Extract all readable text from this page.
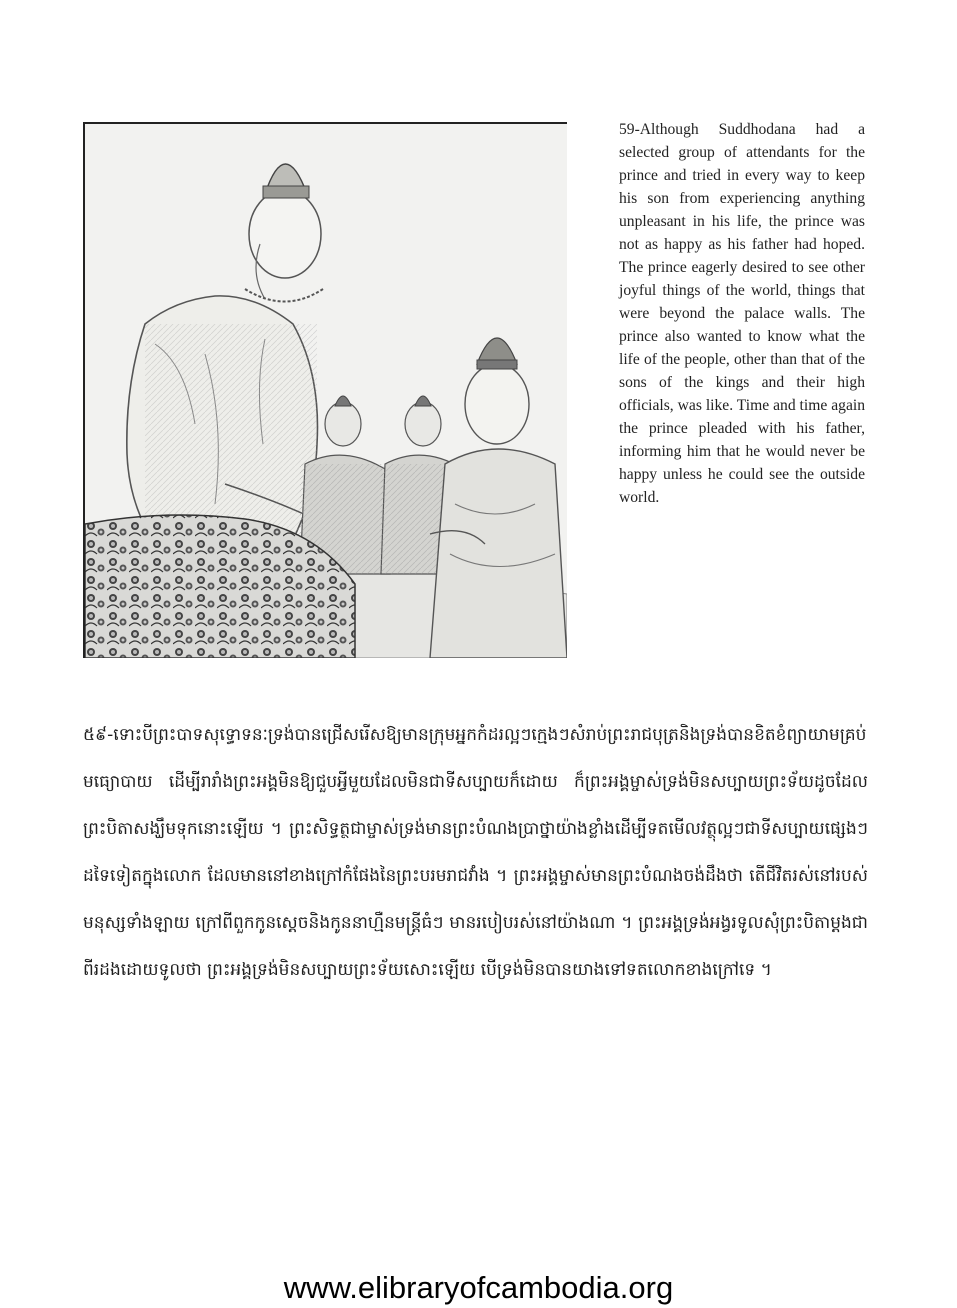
59-Although Suddhodana had a selected group of attendants for the prince and tried in every way to keep his son from experiencing anything unpleasant in his life, the prince was not as happy as his father had hoped. The prince eagerly desired to see other joyful things of the world, things that were beyond the palace walls. The prince also wanted to know what the life of the people, other than that of the sons of the kings and their high officials, was like. Time and time again the prince pleaded with his father, informing him that he would never be happy unless he could see the outside world.

៥៩-ទោះបីព្រះបាទសុទ្ធោទនៈទ្រង់បានជ្រើសរើសឱ្យមានក្រុមអ្នកកំដរល្អៗក្មេងៗសំរាប់ព្រះរាជបុត្រនិងទ្រង់បានខិតខំព្យាយាមគ្រប់មធ្យោបាយ ដើម្បីរារាំងព្រះអង្គមិនឱ្យជួបអ្វីមួយដែលមិនជាទីសប្បាយក៏ដោយ ក៏ព្រះអង្គម្ចាស់ទ្រង់មិនសប្បាយព្រះទ័យដូចដែលព្រះបិតាសង្ឃឹមទុកនោះឡើយ ។ ព្រះសិទ្ធត្ថជាម្ចាស់ទ្រង់មានព្រះបំណងប្រាថ្នាយ៉ាងខ្លាំងដើម្បីទតមើលវត្ថុល្អៗជាទីសប្បាយផ្សេងៗដទៃទៀតក្នុងលោក ដែលមាននៅខាងក្រៅកំផែងនៃព្រះបរមរាជវាំង ។ ព្រះអង្គម្ចាស់មានព្រះបំណងចង់ដឹងថា តើជីវិតរស់នៅរបស់មនុស្សទាំងឡាយ ក្រៅពីពួកកូនស្តេចនិងកូននាហ្មឺនមន្ត្រីធំៗ មានរបៀបរស់នៅយ៉ាងណា ។ ព្រះអង្គទ្រង់អង្វរទូលសុំព្រះបិតាម្តងជាពីរដងដោយទូលថា ព្រះអង្គទ្រង់មិនសប្បាយព្រះទ័យសោះឡើយ បើទ្រង់មិនបានយាងទៅទតលោកខាងក្រៅទេ ។

www.elibraryofcambodia.org
